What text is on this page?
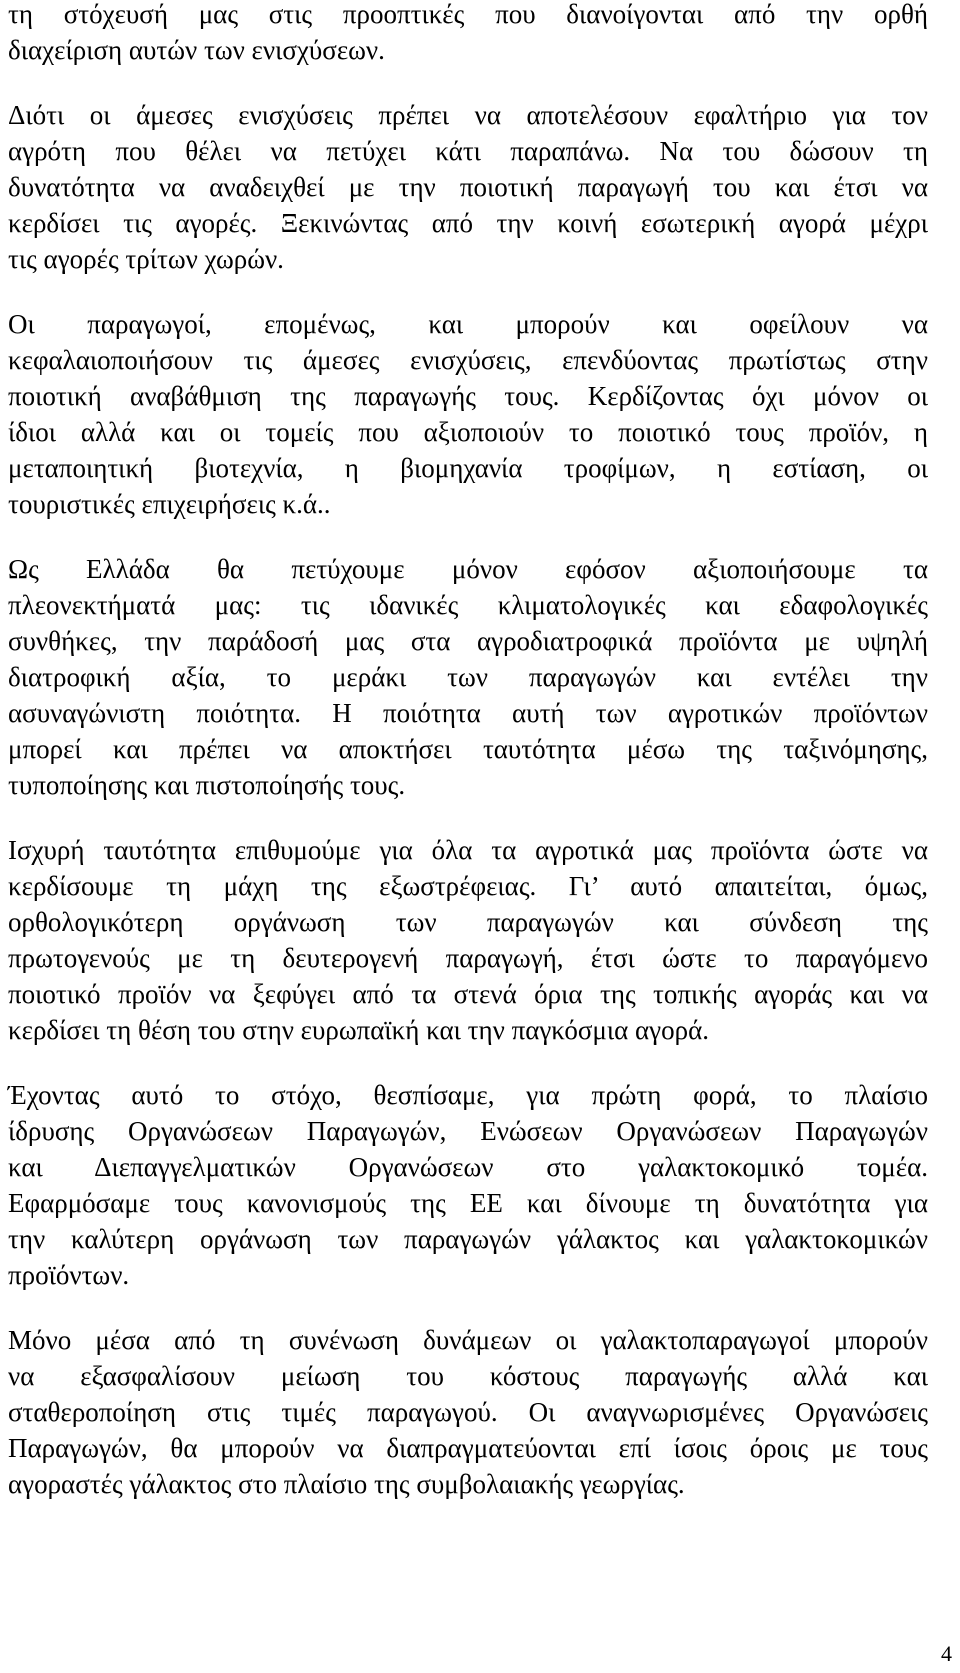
τη στόχευσή μας στις προοπτικές που διανοίγονται από την ορθή
διαχείριση αυτών των ενισχύσεων.
Διότι οι άμεσες ενισχύσεις πρέπει να αποτελέσουν εφαλτήριο για τον
αγρότη που θέλει να πετύχει κάτι παραπάνω. Να του δώσουν τη
δυνατότητα να αναδειχθεί με την ποιοτική παραγωγή του και έτσι να
κερδίσει τις αγορές. Ξεκινώντας από την κοινή εσωτερική αγορά μέχρι
τις αγορές τρίτων χωρών.
Οι παραγωγοί, επομένως, και μπορούν και οφείλουν να
κεφαλαιοποιήσουν τις άμεσες ενισχύσεις, επενδύοντας πρωτίστως στην
ποιοτική αναβάθμιση της παραγωγής τους. Κερδίζοντας όχι μόνον οι
ίδιοι αλλά και οι τομείς που αξιοποιούν το ποιοτικό τους προϊόν, η
μεταποιητική βιοτεχνία, η βιομηχανία τροφίμων, η εστίαση, οι
τουριστικές επιχειρήσεις κ.ά..
Ως Ελλάδα θα πετύχουμε μόνον εφόσον αξιοποιήσουμε τα
πλεονεκτήματά μας: τις ιδανικές κλιματολογικές και εδαφολογικές
συνθήκες, την παράδοσή μας στα αγροδιατροφικά προϊόντα με υψηλή
διατροφική αξία, το μεράκι των παραγωγών και εντέλει την
ασυναγώνιστη ποιότητα. Η ποιότητα αυτή των αγροτικών προϊόντων
μπορεί και πρέπει να αποκτήσει ταυτότητα μέσω της ταξινόμησης,
τυποποίησης και πιστοποίησής τους.
Ισχυρή ταυτότητα επιθυμούμε για όλα τα αγροτικά μας προϊόντα ώστε να
κερδίσουμε τη μάχη της εξωστρέφειας. Γι’ αυτό απαιτείται, όμως,
ορθολογικότερη οργάνωση των παραγωγών και σύνδεση της
πρωτογενούς με τη δευτερογενή παραγωγή, έτσι ώστε το παραγόμενο
ποιοτικό προϊόν να ξεφύγει από τα στενά όρια της τοπικής αγοράς και να
κερδίσει τη θέση του στην ευρωπαϊκή και την παγκόσμια αγορά.
Έχοντας αυτό το στόχο, θεσπίσαμε, για πρώτη φορά, το πλαίσιο
ίδρυσης Οργανώσεων Παραγωγών, Ενώσεων Οργανώσεων Παραγωγών
και Διεπαγγελματικών Οργανώσεων στο γαλακτοκομικό τομέα.
Εφαρμόσαμε τους κανονισμούς της ΕΕ και δίνουμε τη δυνατότητα για
την καλύτερη οργάνωση των παραγωγών γάλακτος και γαλακτοκομικών
προϊόντων.
Μόνο μέσα από τη συνένωση δυνάμεων οι γαλακτοπαραγωγοί μπορούν
να εξασφαλίσουν μείωση του κόστους παραγωγής αλλά και
σταθεροποίηση στις τιμές παραγωγού. Οι αναγνωρισμένες Οργανώσεις
Παραγωγών, θα μπορούν να διαπραγματεύονται επί ίσοις όροις με τους
αγοραστές γάλακτος στο πλαίσιο της συμβολαιακής γεωργίας.
4
